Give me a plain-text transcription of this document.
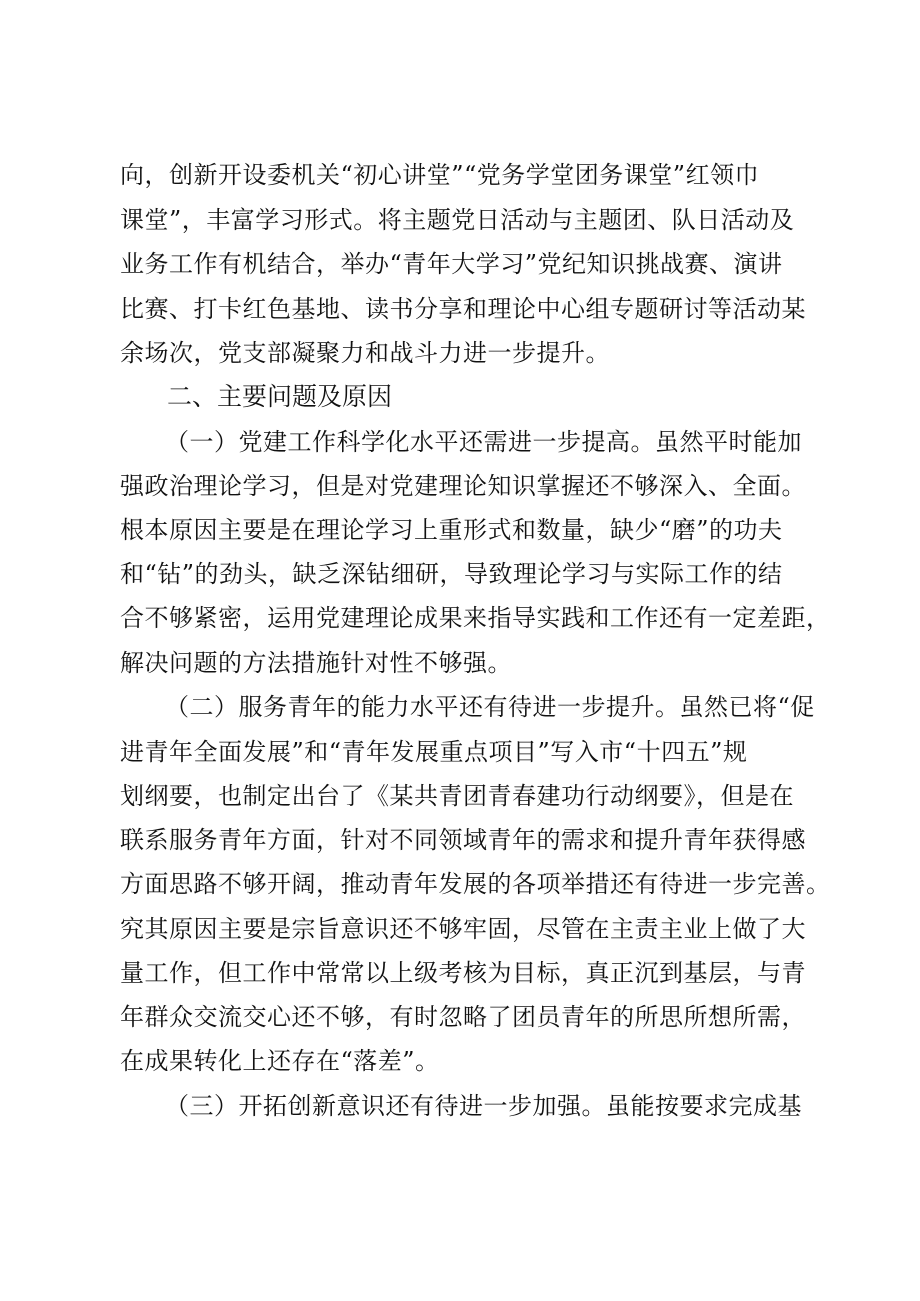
向，创新开设委机关“初心讲堂”“党务学堂团务课堂”红领巾
课堂”，丰富学习形式。将主题党日活动与主题团、队日活动及
业务工作有机结合，举办“青年大学习”党纪知识挑战赛、演讲
比赛、打卡红色基地、读书分享和理论中心组专题研讨等活动某
余场次，党支部凝聚力和战斗力进一步提升。
二、主要问题及原因
（一）党建工作科学化水平还需进一步提高。虽然平时能加
强政治理论学习，但是对党建理论知识掌握还不够深入、全面。
根本原因主要是在理论学习上重形式和数量，缺少“磨”的功夫
和“钻”的劲头，缺乏深钻细研，导致理论学习与实际工作的结
合不够紧密，运用党建理论成果来指导实践和工作还有一定差距，
解决问题的方法措施针对性不够强。
（二）服务青年的能力水平还有待进一步提升。虽然已将“促
进青年全面发展”和“青年发展重点项目”写入市“十四五”规
划纲要，也制定出台了《某共青团青春建功行动纲要》，但是在
联系服务青年方面，针对不同领域青年的需求和提升青年获得感
方面思路不够开阔，推动青年发展的各项举措还有待进一步完善。
究其原因主要是宗旨意识还不够牢固，尽管在主责主业上做了大
量工作，但工作中常常以上级考核为目标，真正沉到基层，与青
年群众交流交心还不够，有时忽略了团员青年的所思所想所需，
在成果转化上还存在“落差”。
（三）开拓创新意识还有待进一步加强。虽能按要求完成基
